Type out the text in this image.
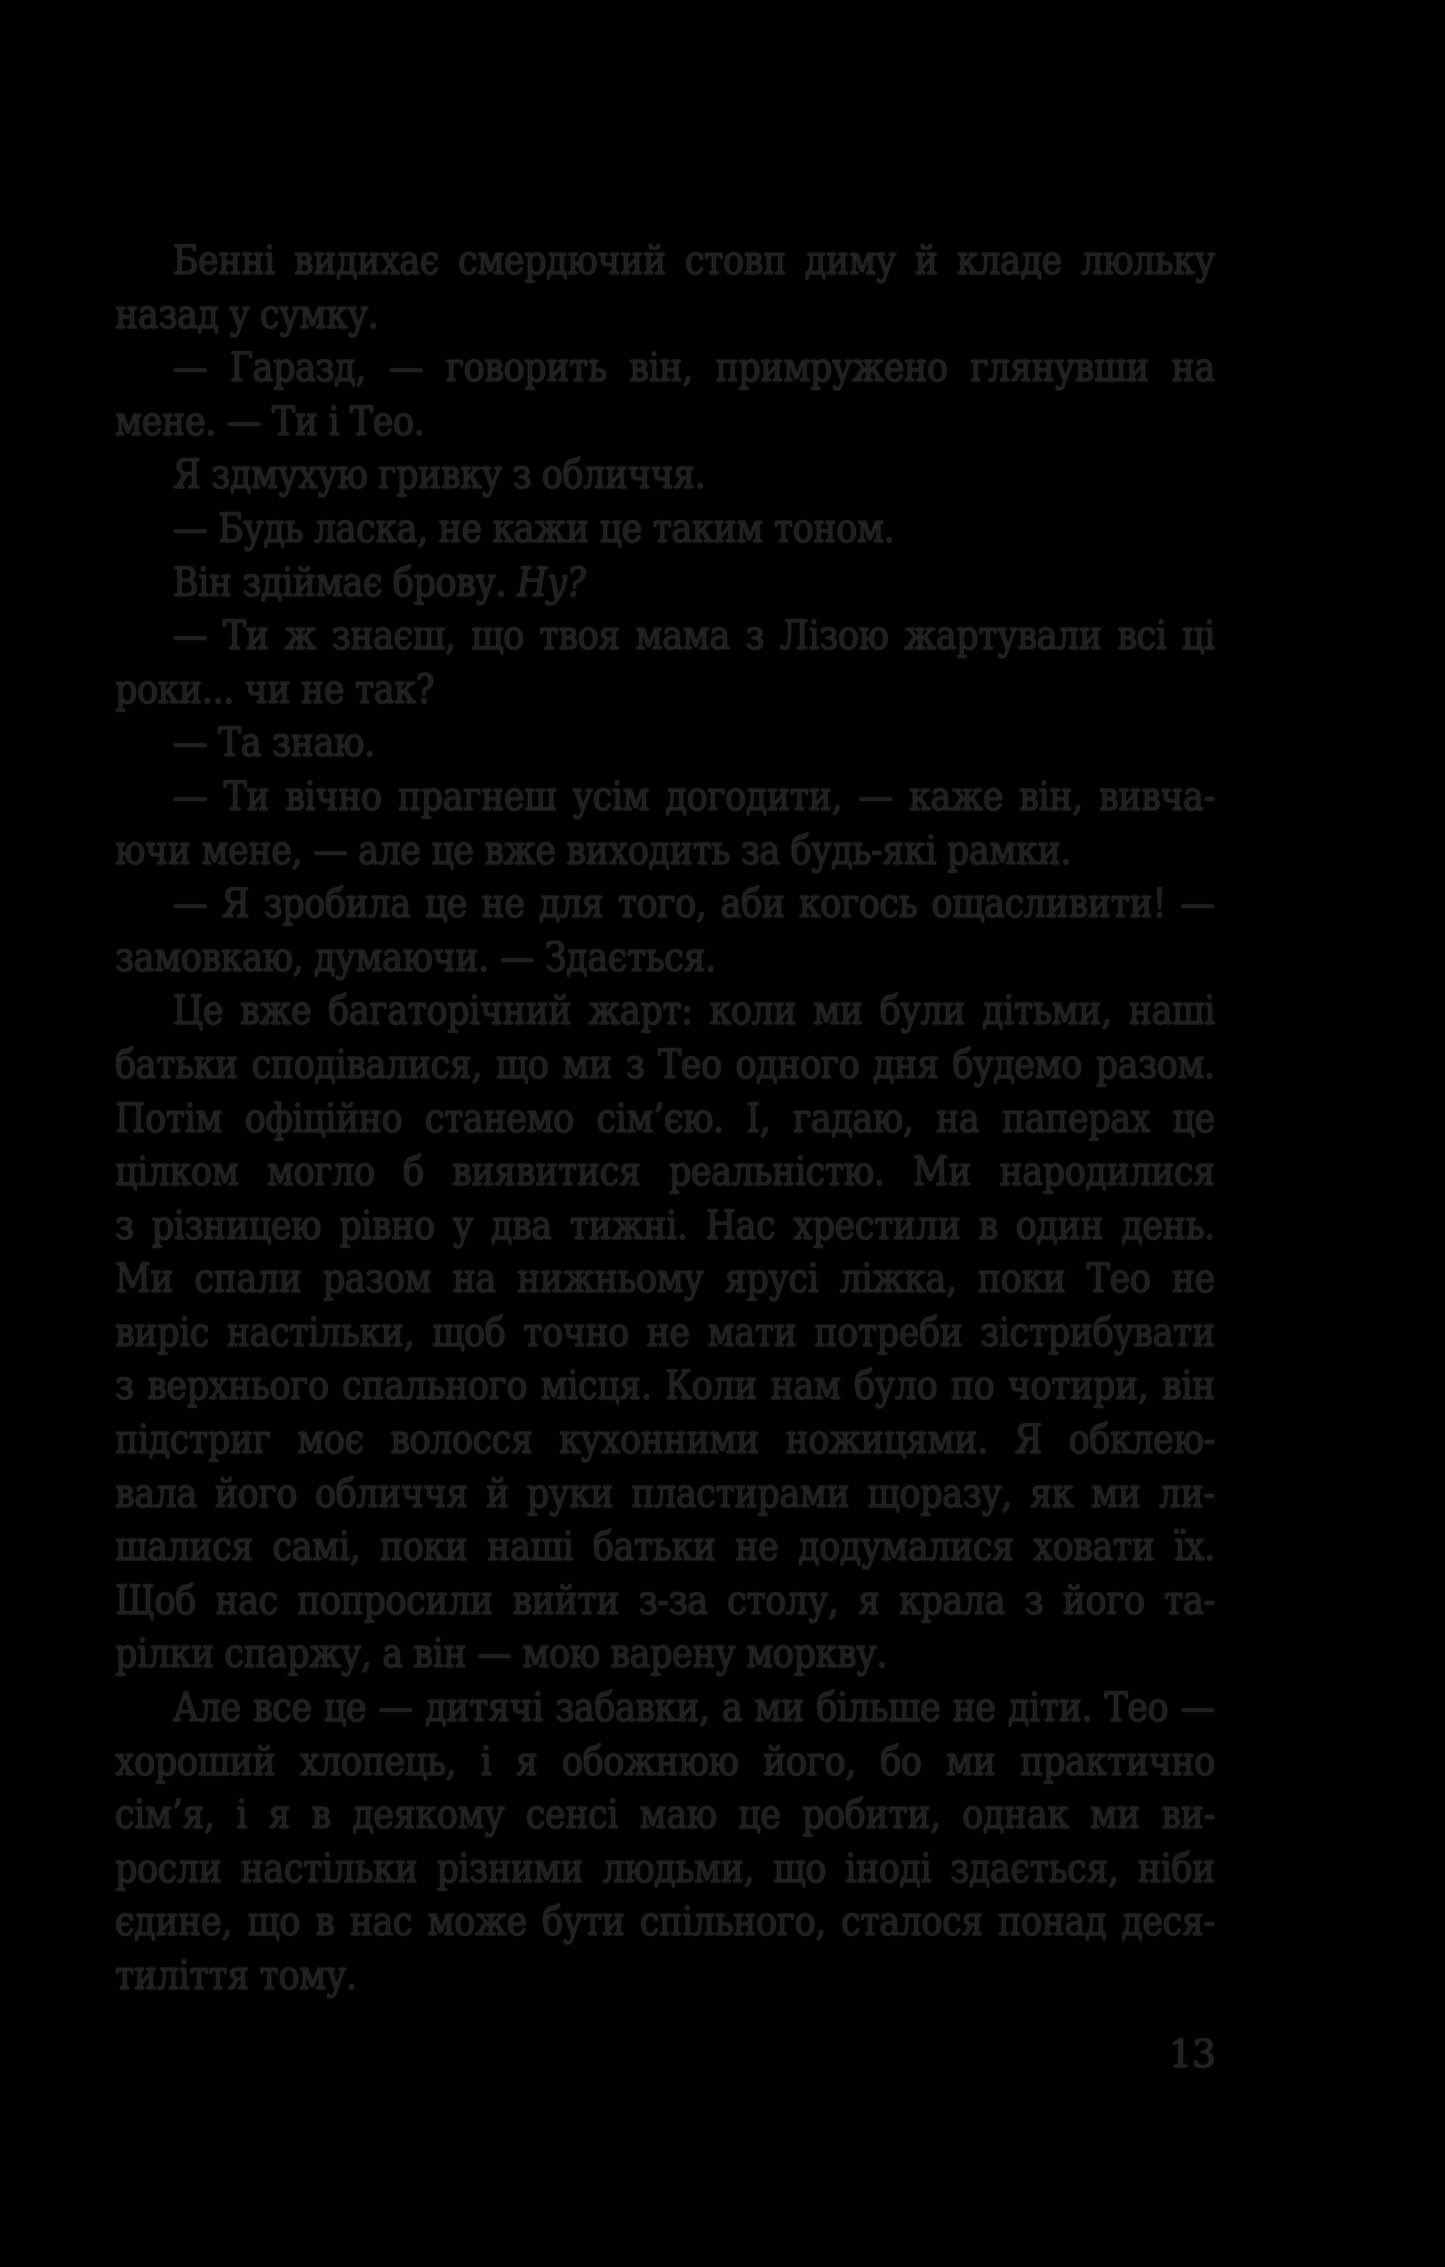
Бенні видихає смердючий стовп диму й кладе люльку
назад у сумку.
— Гаразд, — говорить він, примружено глянувши на
мене. — Ти і Тео.
Я здмухую гривку з обличчя.
— Будь ласка, не кажи це таким тоном.
Він здіймає брову. Ну?
— Ти ж знаєш, що твоя мама з Лізою жартували всі ці
роки... чи не так?
— Та знаю.
— Ти вічно прагнеш усім догодити, — каже він, вивча-
ючи мене, — але це вже виходить за будь-які рамки.
— Я зробила це не для того, аби когось ощасливити! —
замовкаю, думаючи. — Здається.
Це вже багаторічний жарт: коли ми були дітьми, наші
батьки сподівалися, що ми з Тео одного дня будемо разом.
Потім офіційно станемо сім’єю. І, гадаю, на паперах це
цілком могло б виявитися реальністю. Ми народилися
з різницею рівно у два тижні. Нас хрестили в один день.
Ми спали разом на нижньому ярусі ліжка, поки Тео не
виріс настільки, щоб точно не мати потреби зістрибувати
з верхнього спального місця. Коли нам було по чотири, він
підстриг моє волосся кухонними ножицями. Я обклею-
вала його обличчя й руки пластирами щоразу, як ми ли-
шалися самі, поки наші батьки не додумалися ховати їх.
Щоб нас попросили вийти з-за столу, я крала з його та-
рілки спаржу, а він — мою варену моркву.
Але все це — дитячі забавки, а ми більше не діти. Тео —
хороший хлопець, і я обожнюю його, бо ми практично
сім’я, і я в деякому сенсі маю це робити, однак ми ви-
росли настільки різними людьми, що іноді здається, ніби
єдине, що в нас може бути спільного, сталося понад деся-
тиліття тому.
13
